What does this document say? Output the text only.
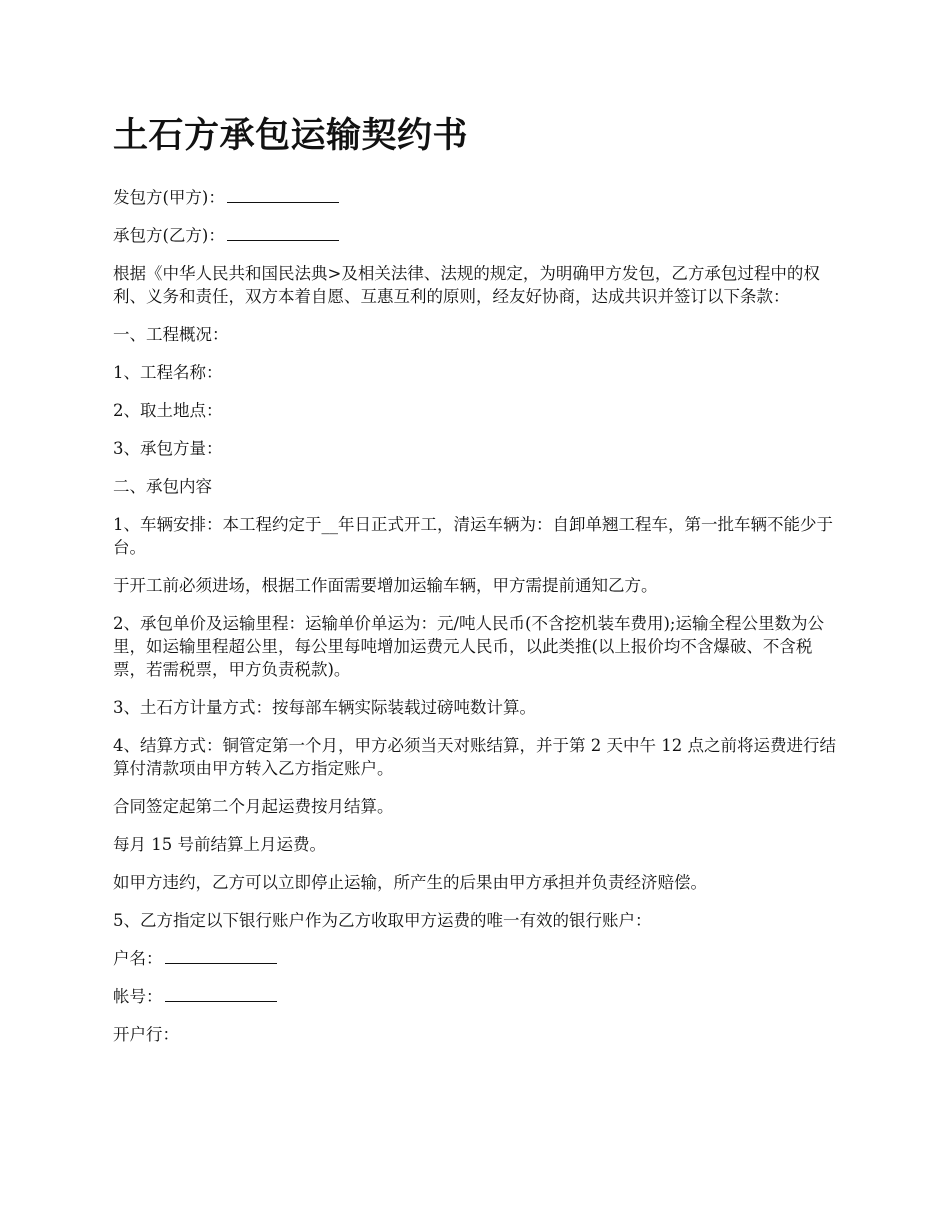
土石方承包运输契约书

发包方(甲方)：

承包方(乙方)：

根据《中华人民共和国民法典>及相关法律、法规的规定，为明确甲方发包，乙方承包过程中的权利、义务和责任，双方本着自愿、互惠互利的原则，经友好协商，达成共识并签订以下条款：

一、工程概况：

1、工程名称：

2、取土地点：

3、承包方量：

二、承包内容

1、车辆安排：本工程约定于__年日正式开工，清运车辆为：自卸单翘工程车，第一批车辆不能少于台。

于开工前必须进场，根据工作面需要增加运输车辆，甲方需提前通知乙方。

2、承包单价及运输里程：运输单价单运为：元/吨人民币(不含挖机装车费用);运输全程公里数为公里，如运输里程超公里，每公里每吨增加运费元人民币，以此类推(以上报价均不含爆破、不含税票，若需税票，甲方负责税款)。

3、土石方计量方式：按每部车辆实际装载过磅吨数计算。

4、结算方式：铜管定第一个月，甲方必须当天对账结算，并于第 2 天中午 12 点之前将运费进行结算付清款项由甲方转入乙方指定账户。

合同签定起第二个月起运费按月结算。

每月 15 号前结算上月运费。

如甲方违约，乙方可以立即停止运输，所产生的后果由甲方承担并负责经济赔偿。

5、乙方指定以下银行账户作为乙方收取甲方运费的唯一有效的银行账户：

户名：

帐号：

开户行：
